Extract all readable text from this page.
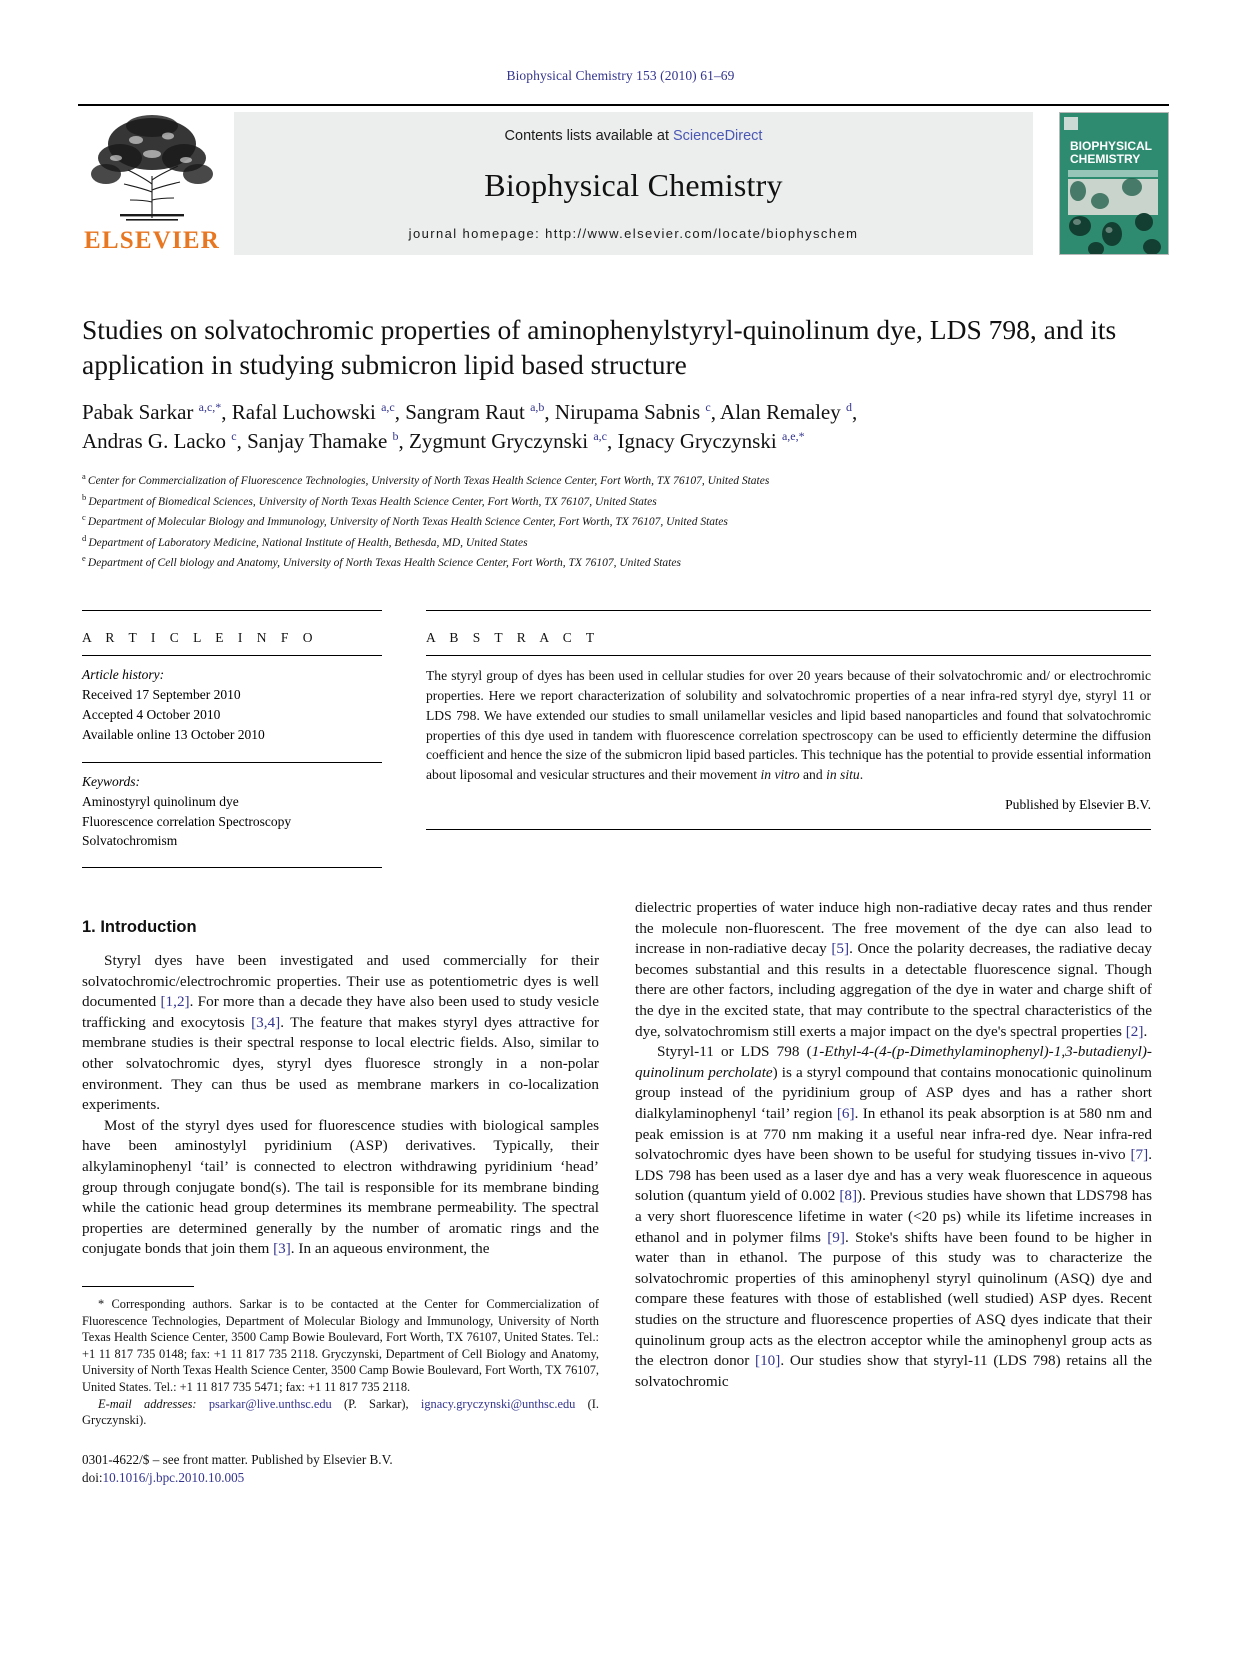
Biophysical Chemistry 153 (2010) 61–69
ELSEVIER
Contents lists available at ScienceDirect
Biophysical Chemistry
journal homepage: http://www.elsevier.com/locate/biophyschem
BIOPHYSICAL
CHEMISTRY
Studies on solvatochromic properties of aminophenylstyryl-quinolinum dye, LDS 798, and its application in studying submicron lipid based structure
Pabak Sarkar $^{a,c,*}$, Rafal Luchowski $^{a,c}$, Sangram Raut $^{a,b}$, Nirupama Sabnis $^c$, Alan Remaley $^d$,
Andras G. Lacko $^c$, Sanjay Thamake $^b$, Zygmunt Gryczynski $^{a,c}$, Ignacy Gryczynski $^{a,e,*}$
$^a$ Center for Commercialization of Fluorescence Technologies, University of North Texas Health Science Center, Fort Worth, TX 76107, United States
$^b$ Department of Biomedical Sciences, University of North Texas Health Science Center, Fort Worth, TX 76107, United States
$^c$ Department of Molecular Biology and Immunology, University of North Texas Health Science Center, Fort Worth, TX 76107, United States
$^d$ Department of Laboratory Medicine, National Institute of Health, Bethesda, MD, United States
$^e$ Department of Cell biology and Anatomy, University of North Texas Health Science Center, Fort Worth, TX 76107, United States
A R T I C L E I N F O
Article history:
Received 17 September 2010
Accepted 4 October 2010
Available online 13 October 2010
Keywords:
Aminostyryl quinolinum dye
Fluorescence correlation Spectroscopy
Solvatochromism
A B S T R A C T
The styryl group of dyes has been used in cellular studies for over 20 years because of their solvatochromic and/ or electrochromic properties. Here we report characterization of solubility and solvatochromic properties of a near infra-red styryl dye, styryl 11 or LDS 798. We have extended our studies to small unilamellar vesicles and lipid based nanoparticles and found that solvatochromic properties of this dye used in tandem with fluorescence correlation spectroscopy can be used to efficiently determine the diffusion coefficient and hence the size of the submicron lipid based particles. This technique has the potential to provide essential information about liposomal and vesicular structures and their movement in vitro and in situ.
Published by Elsevier B.V.
1. Introduction

Styryl dyes have been investigated and used commercially for their solvatochromic/electrochromic properties. Their use as potentiometric dyes is well documented [1,2]. For more than a decade they have also been used to study vesicle trafficking and exocytosis [3,4]. The feature that makes styryl dyes attractive for membrane studies is their spectral response to local electric fields. Also, similar to other solvatochromic dyes, styryl dyes fluoresce strongly in a non-polar environment. They can thus be used as membrane markers in co-localization experiments.

Most of the styryl dyes used for fluorescence studies with biological samples have been aminostylyl pyridinium (ASP) derivatives. Typically, their alkylaminophenyl ‘tail’ is connected to electron withdrawing pyridinium ‘head’ group through conjugate bond(s). The tail is responsible for its membrane binding while the cationic head group determines its membrane permeability. The spectral properties are determined generally by the number of aromatic rings and the conjugate bonds that join them [3]. In an aqueous environment, the

* Corresponding authors. Sarkar is to be contacted at the Center for Commercialization of Fluorescence Technologies, Department of Molecular Biology and Immunology, University of North Texas Health Science Center, 3500 Camp Bowie Boulevard, Fort Worth, TX 76107, United States. Tel.: +1 11 817 735 0148; fax: +1 11 817 735 2118. Gryczynski, Department of Cell Biology and Anatomy, University of North Texas Health Science Center, 3500 Camp Bowie Boulevard, Fort Worth, TX 76107, United States. Tel.: +1 11 817 735 5471; fax: +1 11 817 735 2118.
E-mail addresses: psarkar@live.unthsc.edu (P. Sarkar), ignacy.gryczynski@unthsc.edu (I. Gryczynski).
0301-4622/$ – see front matter. Published by Elsevier B.V.
doi:10.1016/j.bpc.2010.10.005

dielectric properties of water induce high non-radiative decay rates and thus render the molecule non-fluorescent. The free movement of the dye can also lead to increase in non-radiative decay [5]. Once the polarity decreases, the radiative decay becomes substantial and this results in a detectable fluorescence signal. Though there are other factors, including aggregation of the dye in water and charge shift of the dye in the excited state, that may contribute to the spectral characteristics of the dye, solvatochromism still exerts a major impact on the dye's spectral properties [2].

Styryl-11 or LDS 798 (1-Ethyl-4-(4-(p-Dimethylaminophenyl)-1,3-butadienyl)-quinolinum percholate) is a styryl compound that contains monocationic quinolinum group instead of the pyridinium group of ASP dyes and has a rather short dialkylaminophenyl ‘tail’ region [6]. In ethanol its peak absorption is at 580 nm and peak emission is at 770 nm making it a useful near infra-red dye. Near infra-red solvatochromic dyes have been shown to be useful for studying tissues in-vivo [7]. LDS 798 has been used as a laser dye and has a very weak fluorescence in aqueous solution (quantum yield of 0.002 [8]). Previous studies have shown that LDS798 has a very short fluorescence lifetime in water (<20 ps) while its lifetime increases in ethanol and in polymer films [9]. Stoke's shifts have been found to be higher in water than in ethanol. The purpose of this study was to characterize the solvatochromic properties of this aminophenyl styryl quinolinum (ASQ) dye and compare these features with those of established (well studied) ASP dyes. Recent studies on the structure and fluorescence properties of ASQ dyes indicate that their quinolinum group acts as the electron acceptor while the aminophenyl group acts as the electron donor [10]. Our studies show that styryl-11 (LDS 798) retains all the solvatochromic
